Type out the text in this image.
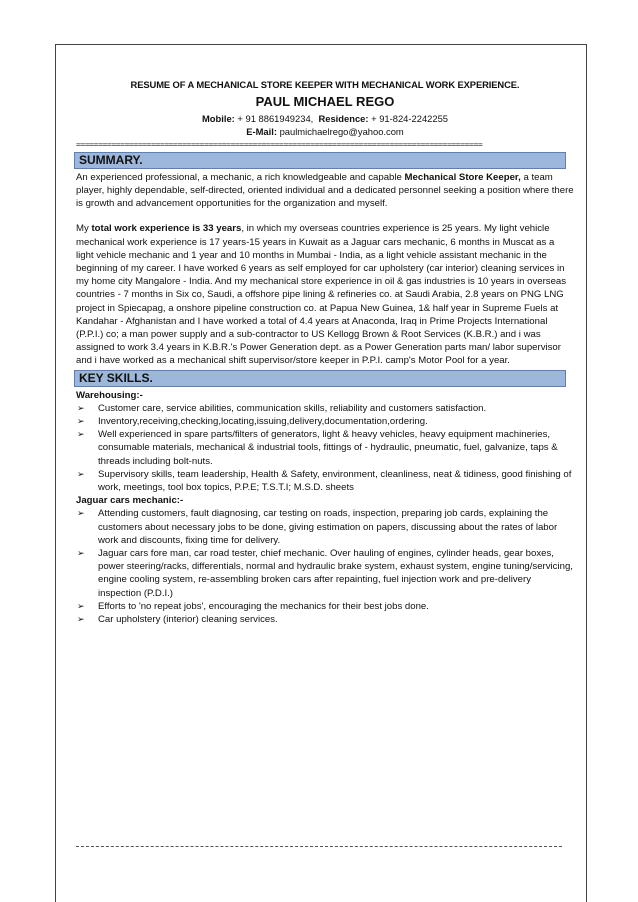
RESUME OF A MECHANICAL STORE KEEPER WITH MECHANICAL WORK EXPERIENCE.

PAUL MICHAEL REGO

Mobile: + 91 8861949234, Residence: + 91-824-2242255

E-Mail: paulmichaelrego@yahoo.com

============================================================================================
SUMMARY.

An experienced professional, a mechanic, a rich knowledgeable and capable Mechanical Store Keeper, a team player, highly dependable, self-directed, oriented individual and a dedicated personnel seeking a position where there is growth and advancement opportunities for the organization and myself.

My total work experience is 33 years, in which my overseas countries experience is 25 years. My light vehicle mechanical work experience is 17 years-15 years in Kuwait as a Jaguar cars mechanic, 6 months in Muscat as a light vehicle mechanic and 1 year and 10 months in Mumbai - India, as a light vehicle assistant mechanic in the beginning of my career. I have worked 6 years as self employed for car upholstery (car interior) cleaning services in my home city Mangalore - India. And my mechanical store experience in oil & gas industries is 10 years in overseas countries - 7 months in Six co, Saudi, a offshore pipe lining & refineries co. at Saudi Arabia, 2.8 years on PNG LNG project in Spiecapag, a onshore pipeline construction co. at Papua New Guinea, 1& half year in Supreme Fuels at Kandahar - Afghanistan and I have worked a total of 4.4 years at Anaconda, Iraq in Prime Projects International (P.P.I.) co; a man power supply and a sub-contractor to US Kellogg Brown & Root Services (K.B.R.) and i was assigned to work 3.4 years in K.B.R.'s Power Generation dept. as a Power Generation parts man/ labor supervisor and i have worked as a mechanical shift supervisor/store keeper in P.P.I. camp's Motor Pool for a year.

KEY SKILLS.

Warehousing:-

➢ Customer care, service abilities, communication skills, reliability and customers satisfaction.
➢ Inventory,receiving,checking,locating,issuing,delivery,documentation,ordering.
➢ Well experienced in spare parts/filters of generators, light & heavy vehicles, heavy equipment machineries, consumable materials, mechanical & industrial tools, fittings of - hydraulic, pneumatic, fuel, galvanize, taps & threads including bolt-nuts.
➢ Supervisory skills, team leadership, Health & Safety, environment, cleanliness, neat & tidiness, good finishing of work, meetings, tool box topics, P.P.E; T.S.T.I; M.S.D. sheets

Jaguar cars mechanic:-

➢ Attending customers, fault diagnosing, car testing on roads, inspection, preparing job cards, explaining the customers about necessary jobs to be done, giving estimation on papers, discussing about the rates of labor work and discounts, fixing time for delivery.
➢ Jaguar cars fore man, car road tester, chief mechanic. Over hauling of engines, cylinder heads, gear boxes, power steering/racks, differentials, normal and hydraulic brake system, exhaust system, engine tuning/servicing, engine cooling system, re-assembling broken cars after repainting, fuel injection work and pre-delivery inspection (P.D.I.)
➢ Efforts to 'no repeat jobs', encouraging the mechanics for their best jobs done.
➢ Car upholstery (interior) cleaning services.
